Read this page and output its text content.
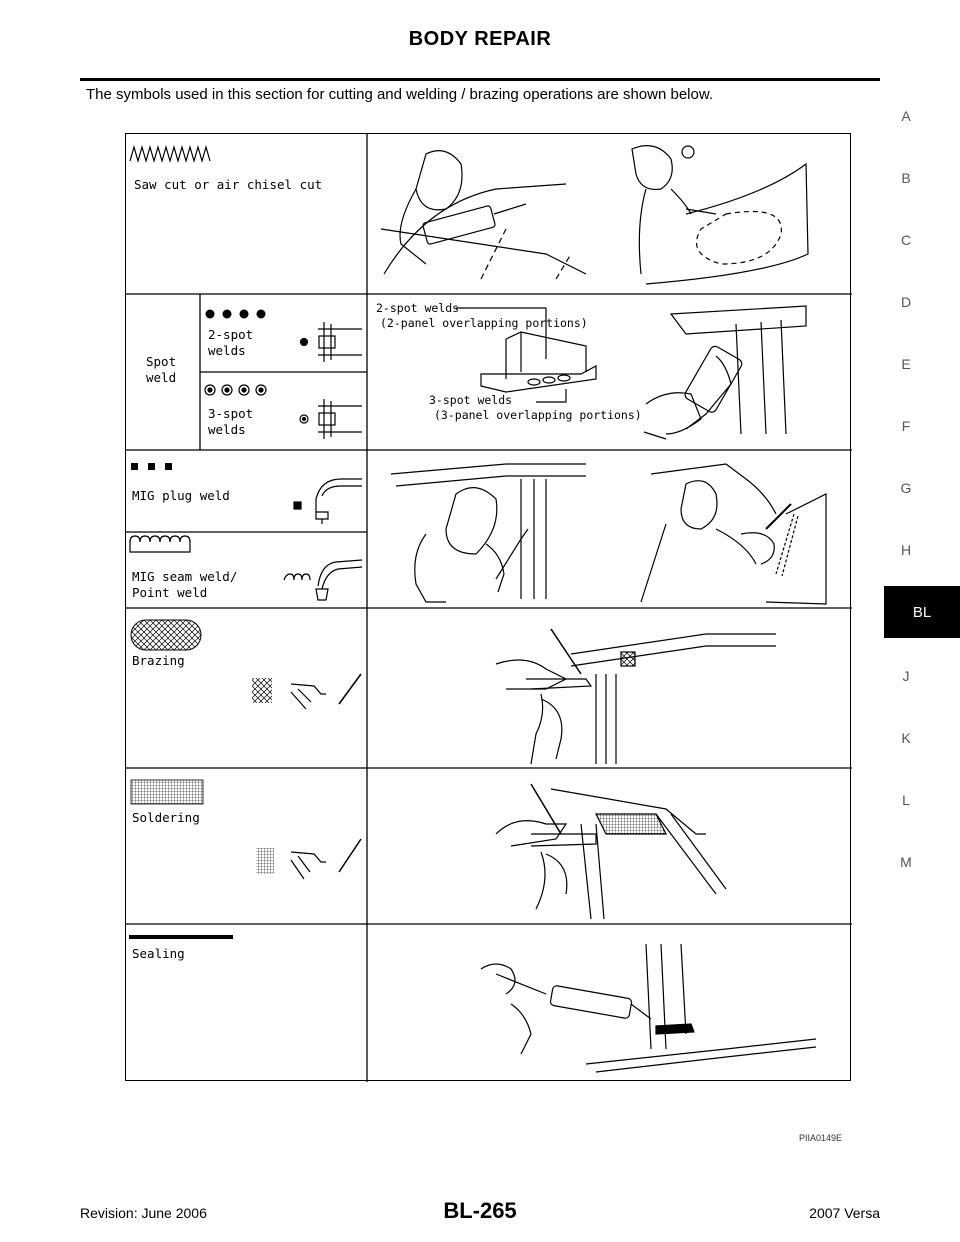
BODY REPAIR
The symbols used in this section for cutting and welding / brazing operations are shown below.
A
B
C
D
E
F
G
H
J
K
L
M
BL
Saw cut or air chisel cut
Spot
weld
2-spot
welds
3-spot
welds
2-spot welds
(2-panel overlapping portions)
3-spot welds
(3-panel overlapping portions)
MIG plug weld
MIG seam weld/
Point weld
Brazing
Soldering
Sealing
PIIA0149E
Revision: June 2006	BL-265	2007 Versa
